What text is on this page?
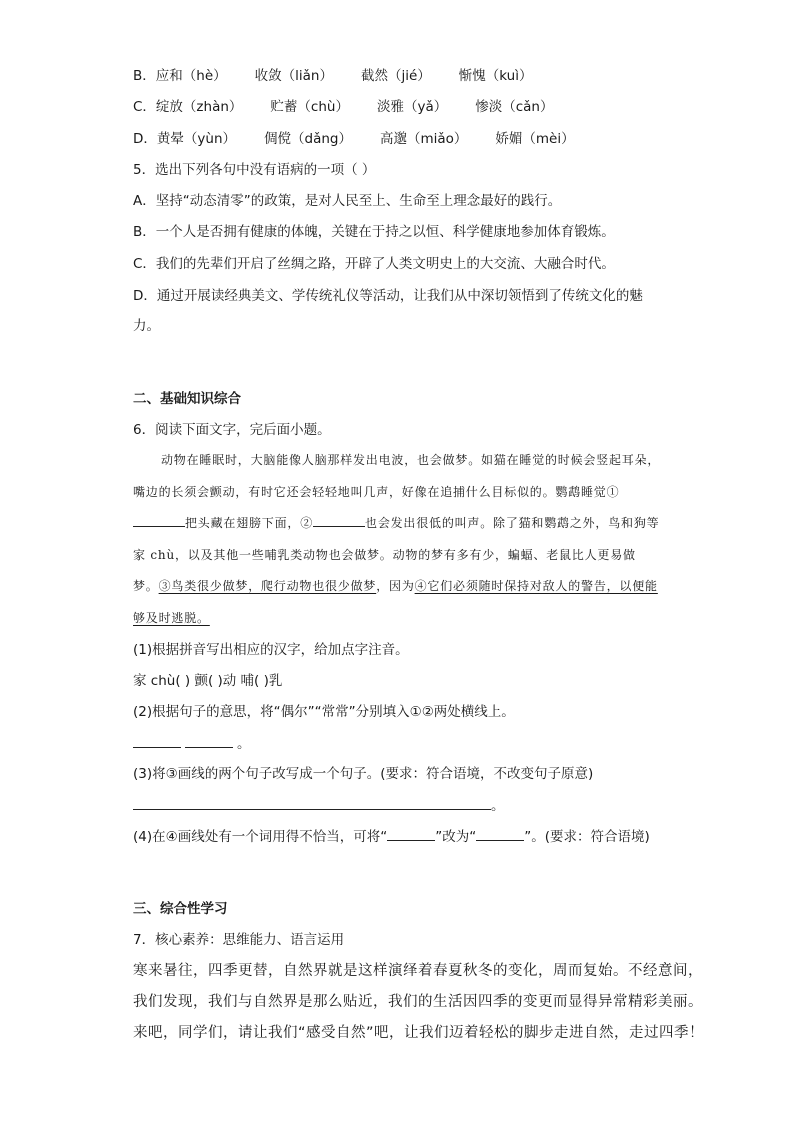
B．应和（hè） 收敛（liǎn） 截然（jié） 惭愧（kuì）
C．绽放（zhàn） 贮蓄（chù） 淡雅（yǎ） 惨淡（cǎn）
D．黄晕（yùn） 倜傥（dǎng） 高邈（miǎo） 娇媚（mèi）
5．选出下列各句中没有语病的一项（ ）
A．坚持“动态清零”的政策，是对人民至上、生命至上理念最好的践行。
B．一个人是否拥有健康的体魄，关键在于持之以恒、科学健康地参加体育锻炼。
C．我们的先辈们开启了丝绸之路，开辟了人类文明史上的大交流、大融合时代。
D．通过开展读经典美文、学传统礼仪等活动，让我们从中深切领悟到了传统文化的魅
力。
二、基础知识综合
6．阅读下面文字，完后面小题。
动物在睡眠时，大脑能像人脑那样发出电波，也会做梦。如猫在睡觉的时候会竖起耳朵，嘴边的长须会颤动，有时它还会轻轻地叫几声，好像在追捕什么目标似的。鹦鹉睡觉①把头藏在翅膀下面，②	也会发出很低的叫声。除了猫和鹦鹉之外，鸟和狗等家 chù，以及其他一些哺乳类动物也会做梦。动物的梦有多有少，蝙蝠、老鼠比人更易做梦。③鸟类很少做梦，爬行动物也很少做梦，因为④它们必须随时保持对敌人的警告，以便能够及时逃脱。
(1)根据拼音写出相应的汉字，给加点字注音。
家 chù( ) 颤( )动 哺( )乳
(2)根据句子的意思，将“偶尔”“常常”分别填入①②两处横线上。
。
(3)将③画线的两个句子改写成一个句子。(要求：符合语境，不改变句子原意)
。
(4)在④画线处有一个词用得不恰当，可将“	”改为“	”。(要求：符合语境)
三、综合性学习
7．核心素养：思维能力、语言运用
寒来暑往，四季更替，自然界就是这样演绎着春夏秋冬的变化，周而复始。不经意间，
我们发现，我们与自然界是那么贴近，我们的生活因四季的变更而显得异常精彩美丽。
来吧，同学们，请让我们“感受自然”吧，让我们迈着轻松的脚步走进自然，走过四季！
